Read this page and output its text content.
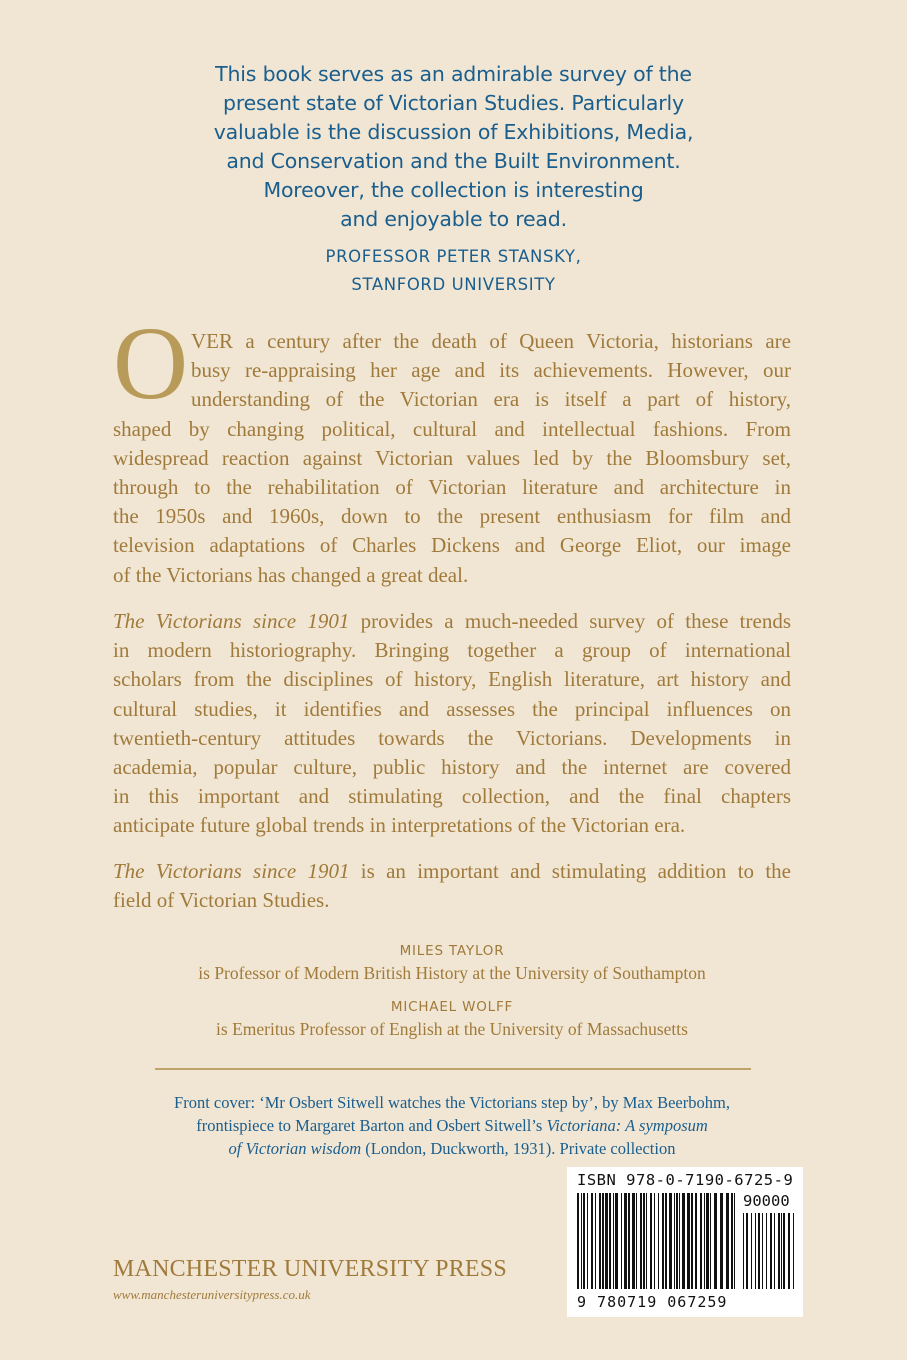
This book serves as an admirable survey of the
present state of Victorian Studies. Particularly
valuable is the discussion of Exhibitions, Media,
and Conservation and the Built Environment.
Moreover, the collection is interesting
and enjoyable to read.
PROFESSOR PETER STANSKY,
STANFORD UNIVERSITY
O VER a century after the death of Queen Victoria, historians are
busy re-appraising her age and its achievements. However, our
understanding of the Victorian era is itself a part of history,
shaped by changing political, cultural and intellectual fashions. From
widespread reaction against Victorian values led by the Bloomsbury set,
through to the rehabilitation of Victorian literature and architecture in
the 1950s and 1960s, down to the present enthusiasm for film and
television adaptations of Charles Dickens and George Eliot, our image
of the Victorians has changed a great deal.
The Victorians since 1901 provides a much-needed survey of these trends
in modern historiography. Bringing together a group of international
scholars from the disciplines of history, English literature, art history and
cultural studies, it identifies and assesses the principal influences on
twentieth-century attitudes towards the Victorians. Developments in
academia, popular culture, public history and the internet are covered
in this important and stimulating collection, and the final chapters
anticipate future global trends in interpretations of the Victorian era.
The Victorians since 1901 is an important and stimulating addition to the
field of Victorian Studies.
MILES TAYLOR
is Professor of Modern British History at the University of Southampton
MICHAEL WOLFF
is Emeritus Professor of English at the University of Massachusetts
Front cover: ‘Mr Osbert Sitwell watches the Victorians step by’, by Max Beerbohm,
frontispiece to Margaret Barton and Osbert Sitwell’s Victoriana: A symposum
of Victorian wisdom (London, Duckworth, 1931). Private collection
ISBN 978-0-7190-6725-9
90000
9 780719 067259
MANCHESTER UNIVERSITY PRESS
www.manchesteruniversitypress.co.uk
